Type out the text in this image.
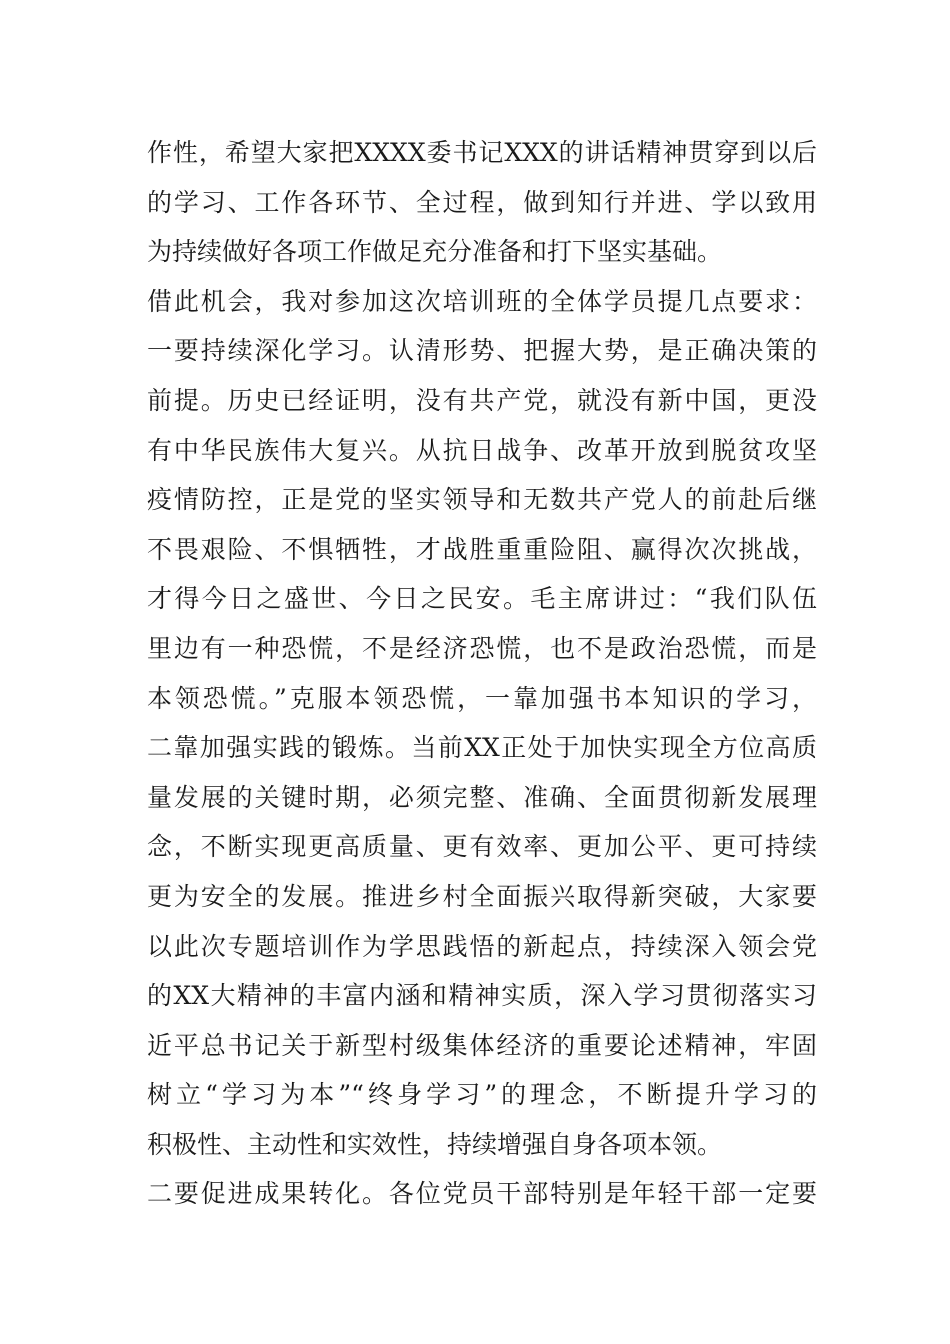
作性，希望大家把XXXX委书记XXX的讲话精神贯穿到以后
的学习、工作各环节、全过程，做到知行并进、学以致用
为持续做好各项工作做足充分准备和打下坚实基础。
借此机会，我对参加这次培训班的全体学员提几点要求：
一要持续深化学习。认清形势、把握大势，是正确决策的
前提。历史已经证明，没有共产党，就没有新中国，更没
有中华民族伟大复兴。从抗日战争、改革开放到脱贫攻坚
疫情防控，正是党的坚实领导和无数共产党人的前赴后继
不畏艰险、不惧牺牲，才战胜重重险阻、赢得次次挑战，
才得今日之盛世、今日之民安。毛主席讲过：“我们队伍
里边有一种恐慌，不是经济恐慌，也不是政治恐慌，而是
本领恐慌。”克服本领恐慌，一靠加强书本知识的学习，
二靠加强实践的锻炼。当前XX正处于加快实现全方位高质
量发展的关键时期，必须完整、准确、全面贯彻新发展理
念，不断实现更高质量、更有效率、更加公平、更可持续
更为安全的发展。推进乡村全面振兴取得新突破，大家要
以此次专题培训作为学思践悟的新起点，持续深入领会党
的XX大精神的丰富内涵和精神实质，深入学习贯彻落实习
近平总书记关于新型村级集体经济的重要论述精神，牢固
树立“学习为本”“终身学习”的理念，不断提升学习的
积极性、主动性和实效性，持续增强自身各项本领。
二要促进成果转化。各位党员干部特别是年轻干部一定要
